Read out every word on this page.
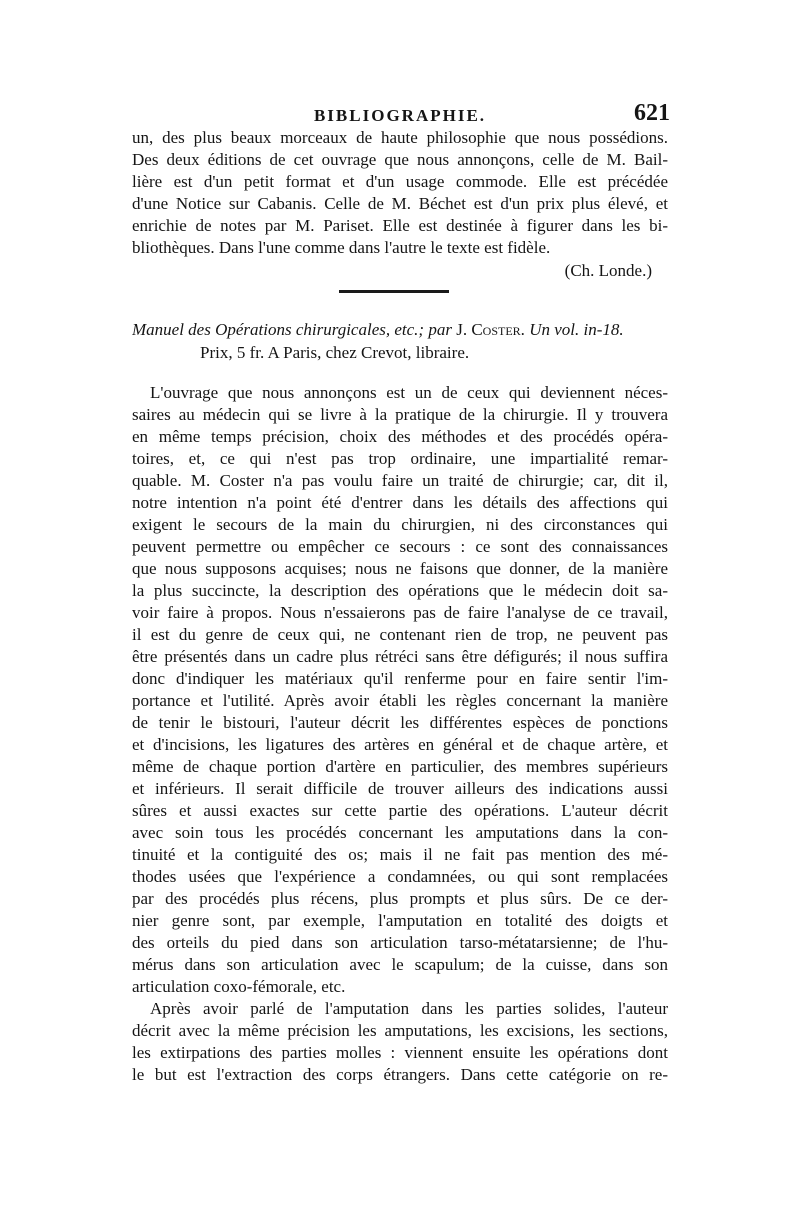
BIBLIOGRAPHIE.	621
un, des plus beaux morceaux de haute philosophie que nous possédions.
Des deux éditions de cet ouvrage que nous annonçons, celle de M. Bail-
lière est d'un petit format et d'un usage commode. Elle est précédée
d'une Notice sur Cabanis. Celle de M. Béchet est d'un prix plus élevé, et
enrichie de notes par M. Pariset. Elle est destinée à figurer dans les bi-
bliothèques. Dans l'une comme dans l'autre le texte est fidèle.
(Ch. Londe.)
Manuel des Opérations chirurgicales, etc.; par J. Coster. Un vol. in-18.
Prix, 5 fr. A Paris, chez Crevot, libraire.
L'ouvrage que nous annonçons est un de ceux qui deviennent néces-
saires au médecin qui se livre à la pratique de la chirurgie. Il y trouvera
en même temps précision, choix des méthodes et des procédés opéra-
toires, et, ce qui n'est pas trop ordinaire, une impartialité remar-
quable. M. Coster n'a pas voulu faire un traité de chirurgie; car, dit il,
notre intention n'a point été d'entrer dans les détails des affections qui
exigent le secours de la main du chirurgien, ni des circonstances qui
peuvent permettre ou empêcher ce secours : ce sont des connaissances
que nous supposons acquises; nous ne faisons que donner, de la manière
la plus succincte, la description des opérations que le médecin doit sa-
voir faire à propos. Nous n'essaierons pas de faire l'analyse de ce travail,
il est du genre de ceux qui, ne contenant rien de trop, ne peuvent pas
être présentés dans un cadre plus rétréci sans être défigurés; il nous suffira
donc d'indiquer les matériaux qu'il renferme pour en faire sentir l'im-
portance et l'utilité. Après avoir établi les règles concernant la manière
de tenir le bistouri, l'auteur décrit les différentes espèces de ponctions
et d'incisions, les ligatures des artères en général et de chaque artère, et
même de chaque portion d'artère en particulier, des membres supérieurs
et inférieurs. Il serait difficile de trouver ailleurs des indications aussi
sûres et aussi exactes sur cette partie des opérations. L'auteur décrit
avec soin tous les procédés concernant les amputations dans la con-
tinuité et la contiguité des os; mais il ne fait pas mention des mé-
thodes usées que l'expérience a condamnées, ou qui sont remplacées
par des procédés plus récens, plus prompts et plus sûrs. De ce der-
nier genre sont, par exemple, l'amputation en totalité des doigts et
des orteils du pied dans son articulation tarso-métatarsienne; de l'hu-
mérus dans son articulation avec le scapulum; de la cuisse, dans son
articulation coxo-fémorale, etc.
Après avoir parlé de l'amputation dans les parties solides, l'auteur
décrit avec la même précision les amputations, les excisions, les sections,
les extirpations des parties molles : viennent ensuite les opérations dont
le but est l'extraction des corps étrangers. Dans cette catégorie on re-
